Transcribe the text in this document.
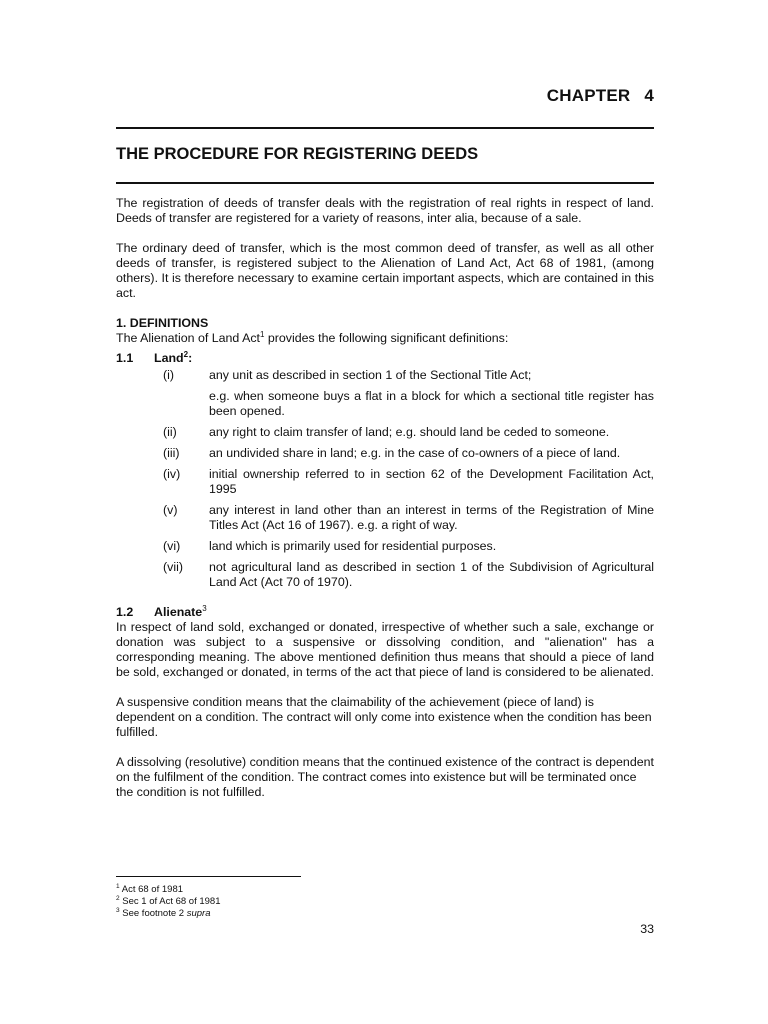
CHAPTER 4
THE PROCEDURE FOR REGISTERING DEEDS

The registration of deeds of transfer deals with the registration of real rights in respect of land. Deeds of transfer are registered for a variety of reasons, inter alia, because of a sale.

The ordinary deed of transfer, which is the most common deed of transfer, as well as all other deeds of transfer, is registered subject to the Alienation of Land Act, Act 68 of 1981, (among others). It is therefore necessary to examine certain important aspects, which are contained in this act.

1. DEFINITIONS

The Alienation of Land Act$^1$ provides the following significant definitions:

1.1 Land$^2$:

(i)	any unit as described in section 1 of the Sectional Title Act;
e.g. when someone buys a flat in a block for which a sectional title register has been opened.
(ii)	any right to claim transfer of land; e.g. should land be ceded to someone.
(iii)	an undivided share in land; e.g. in the case of co-owners of a piece of land.
(iv)	initial ownership referred to in section 62 of the Development Facilitation Act, 1995
(v)	any interest in land other than an interest in terms of the Registration of Mine Titles Act (Act 16 of 1967). e.g. a right of way.
(vi)	land which is primarily used for residential purposes.
(vii)	not agricultural land as described in section 1 of the Subdivision of Agricultural Land Act (Act 70 of 1970).

1.2 Alienate$^3$

In respect of land sold, exchanged or donated, irrespective of whether such a sale, exchange or donation was subject to a suspensive or dissolving condition, and "alienation" has a corresponding meaning. The above mentioned definition thus means that should a piece of land be sold, exchanged or donated, in terms of the act that piece of land is considered to be alienated.

A suspensive condition means that the claimability of the achievement (piece of land) is dependent on a condition. The contract will only come into existence when the condition has been fulfilled.

A dissolving (resolutive) condition means that the continued existence of the contract is dependent on the fulfilment of the condition. The contract comes into existence but will be terminated once the condition is not fulfilled.

$^1$ Act 68 of 1981
$^2$ Sec 1 of Act 68 of 1981
$^3$ See footnote 2 supra
33
